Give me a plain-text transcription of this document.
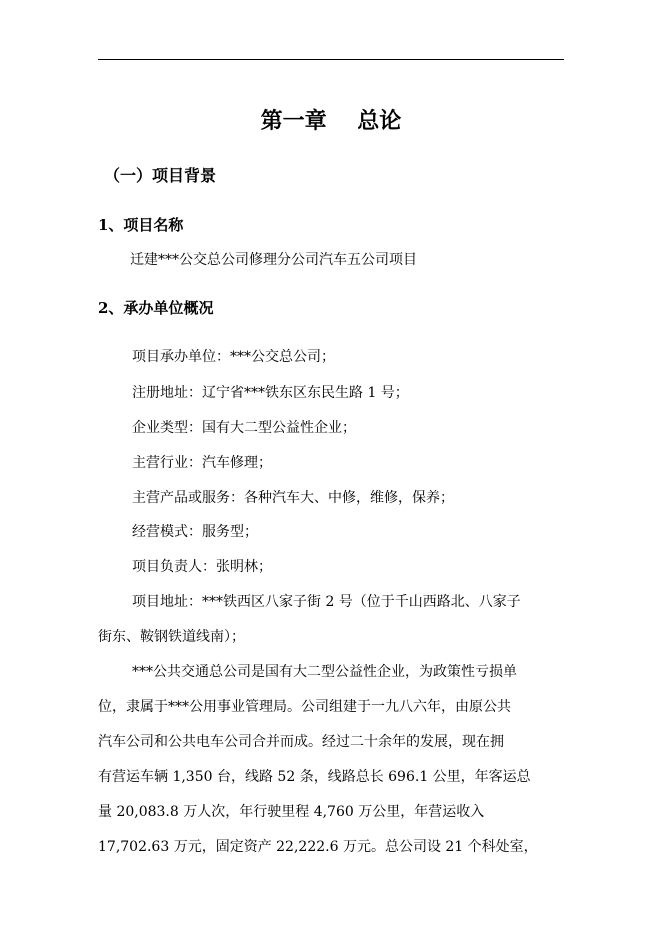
第一章    总论
（一）项目背景
1、项目名称
迁建***公交总公司修理分公司汽车五公司项目
2、承办单位概况
项目承办单位：***公交总公司；
注册地址：辽宁省***铁东区东民生路 1 号；
企业类型：国有大二型公益性企业；
主营行业：汽车修理；
主营产品或服务：各种汽车大、中修，维修，保养；
经营模式：服务型；
项目负责人：张明林；
项目地址：***铁西区八家子街 2 号（位于千山西路北、八家子
街东、鞍钢铁道线南）；
***公共交通总公司是国有大二型公益性企业，为政策性亏损单
位，隶属于***公用事业管理局。公司组建于一九八六年，由原公共
汽车公司和公共电车公司合并而成。经过二十余年的发展，现在拥
有营运车辆 1,350 台，线路 52 条，线路总长 696.1 公里，年客运总
量 20,083.8 万人次，年行驶里程 4,760 万公里，年营运收入
17,702.63 万元，固定资产 22,222.6 万元。总公司设 21 个科处室，
